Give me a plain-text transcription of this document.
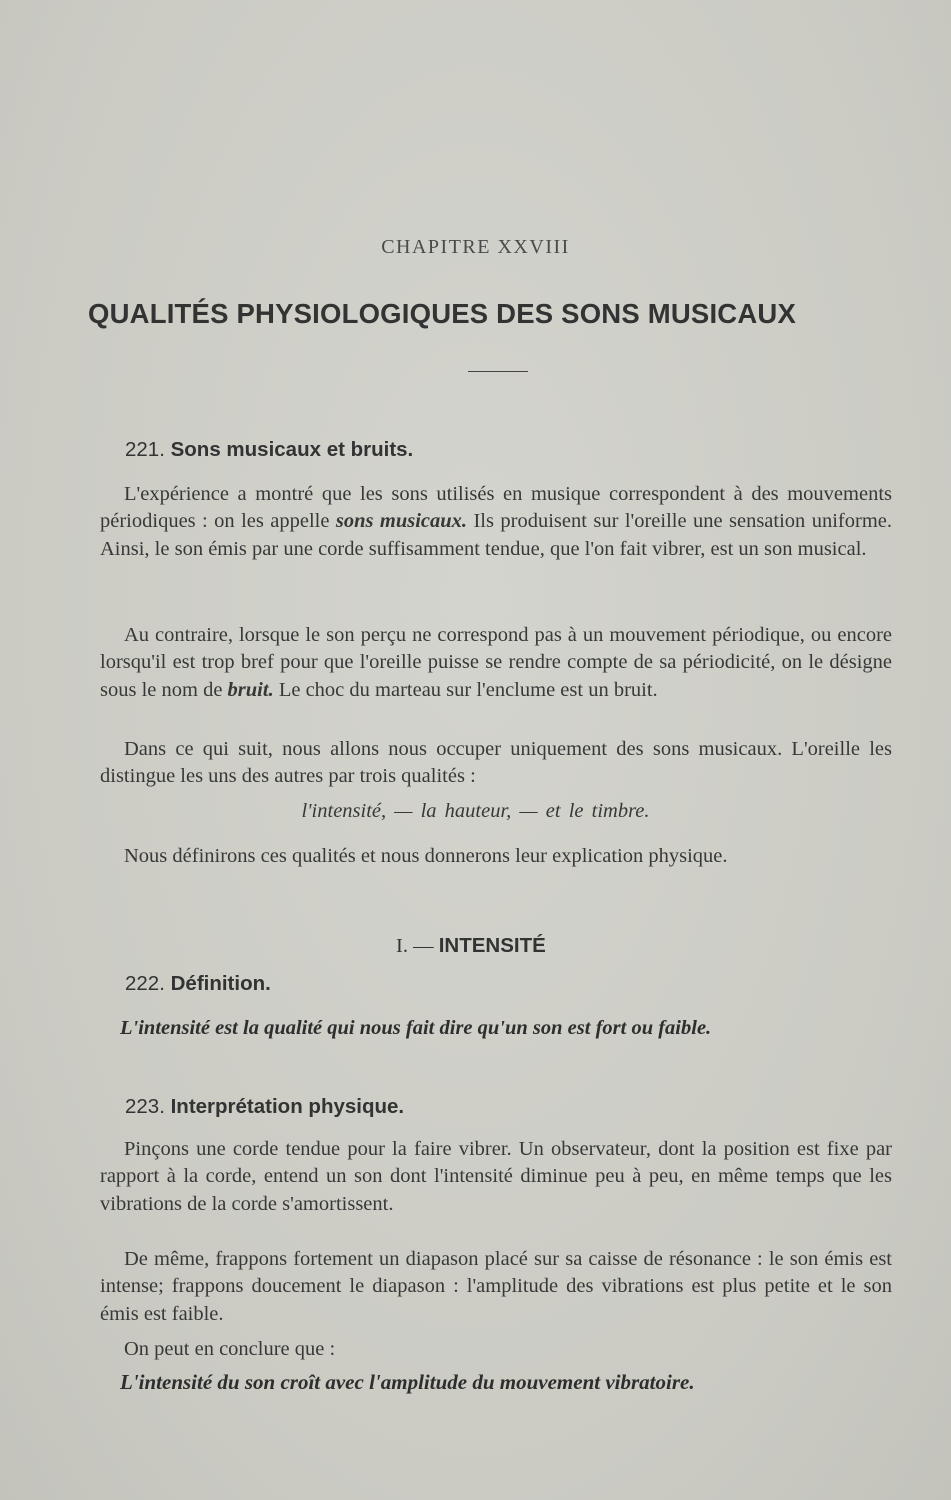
CHAPITRE XXVIII
QUALITÉS PHYSIOLOGIQUES DES SONS MUSICAUX
221. Sons musicaux et bruits.

L'expérience a montré que les sons utilisés en musique correspondent à des mouvements périodiques : on les appelle sons musicaux. Ils produisent sur l'oreille une sensation uniforme. Ainsi, le son émis par une corde suffisamment tendue, que l'on fait vibrer, est un son musical.

Au contraire, lorsque le son perçu ne correspond pas à un mouvement périodique, ou encore lorsqu'il est trop bref pour que l'oreille puisse se rendre compte de sa périodicité, on le désigne sous le nom de bruit. Le choc du marteau sur l'enclume est un bruit.

Dans ce qui suit, nous allons nous occuper uniquement des sons musicaux. L'oreille les distingue les uns des autres par trois qualités :

l'intensité, — la hauteur, — et le timbre.

Nous définirons ces qualités et nous donnerons leur explication physique.

I. — INTENSITÉ
222. Définition.
L'intensité est la qualité qui nous fait dire qu'un son est fort ou faible.
223. Interprétation physique.

Pinçons une corde tendue pour la faire vibrer. Un observateur, dont la position est fixe par rapport à la corde, entend un son dont l'intensité diminue peu à peu, en même temps que les vibrations de la corde s'amortissent.

De même, frappons fortement un diapason placé sur sa caisse de résonance : le son émis est intense; frappons doucement le diapason : l'amplitude des vibrations est plus petite et le son émis est faible.

On peut en conclure que :

L'intensité du son croît avec l'amplitude du mouvement vibratoire.
